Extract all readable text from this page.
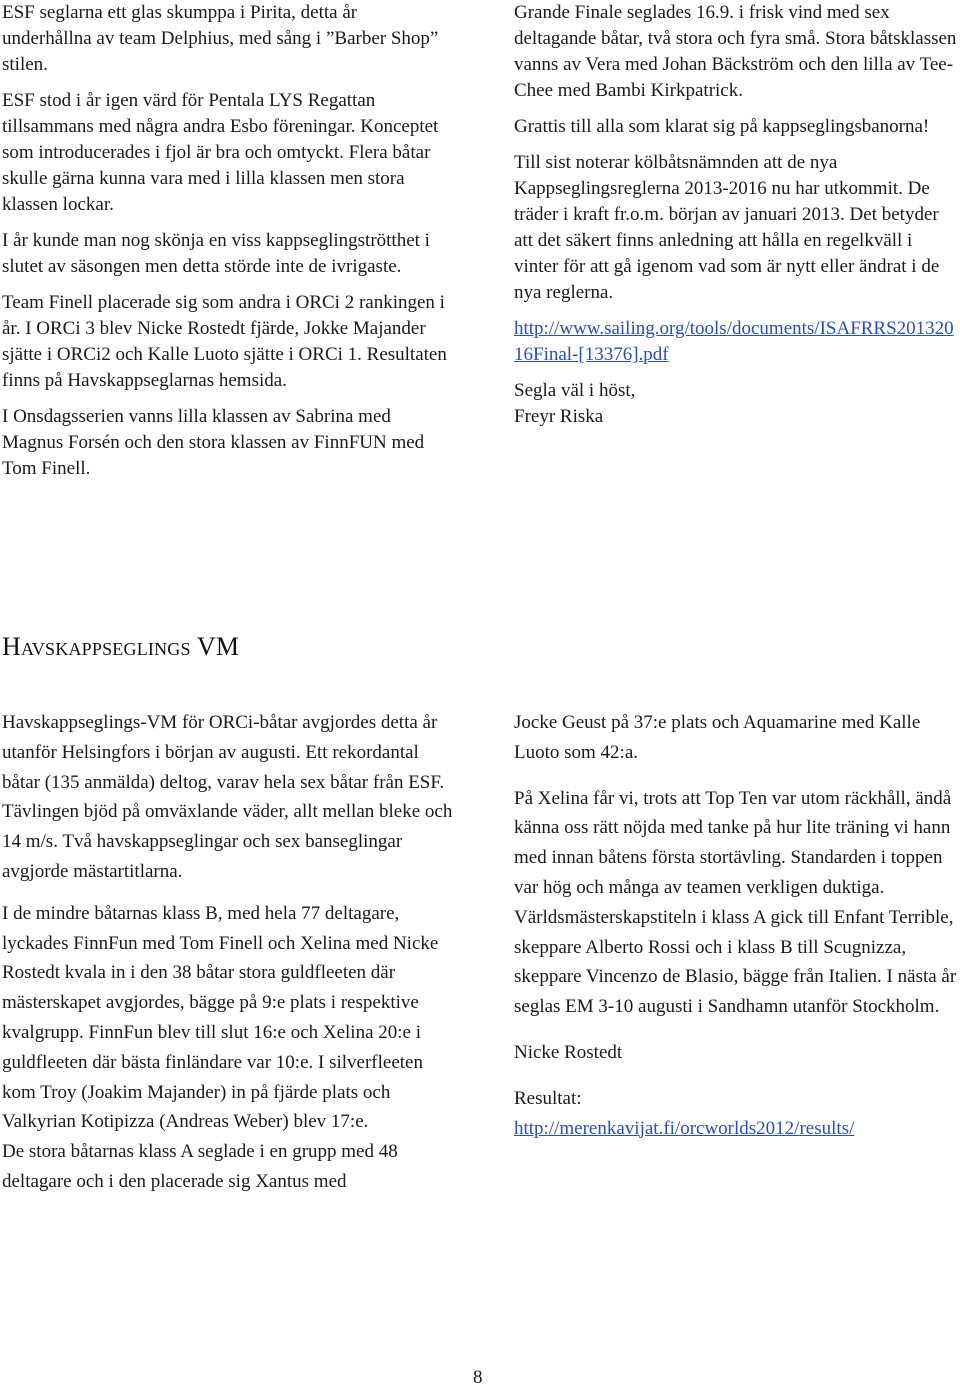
ESF seglarna ett glas skumppa i Pirita, detta år underhållna av team Delphius, med sång i ”Barber Shop” stilen.

ESF stod i år igen värd för Pentala LYS Regattan tillsammans med några andra Esbo föreningar. Konceptet som introducerades i fjol är bra och omtyckt. Flera båtar skulle gärna kunna vara med i lilla klassen men stora klassen lockar.

I år kunde man nog skönja en viss kappseglingströtthet i slutet av säsongen men detta störde inte de ivrigaste.

Team Finell placerade sig som andra i ORCi 2 rankingen i år. I ORCi 3 blev Nicke Rostedt fjärde, Jokke Majander sjätte i ORCi2 och Kalle Luoto sjätte i ORCi 1. Resultaten finns på Havskappseglarnas hemsida.

I Onsdagsserien vanns lilla klassen av Sabrina med Magnus Forsén och den stora klassen av FinnFUN med Tom Finell.

Grande Finale seglades 16.9. i frisk vind med sex deltagande båtar, två stora och fyra små. Stora båtsklassen vanns av Vera med Johan Bäckström och den lilla av Tee-Chee med Bambi Kirkpatrick.

Grattis till alla som klarat sig på kappseglingsbanorna!

Till sist noterar kölbåtsnämnden att de nya Kappseglingsreglerna 2013-2016 nu har utkommit. De träder i kraft fr.o.m. början av januari 2013. Det betyder att det säkert finns anledning att hålla en regelkväll i vinter för att gå igenom vad som är nytt eller ändrat i de nya reglerna.

http://www.sailing.org/tools/documents/ISAFRRS20132016Final-[13376].pdf

Segla väl i höst,
Freyr Riska

HAVSKAPPSEGLINGS VM

Havskappseglings-VM för ORCi-båtar avgjordes detta år utanför Helsingfors i början av augusti. Ett rekordantal båtar (135 anmälda) deltog, varav hela sex båtar från ESF. Tävlingen bjöd på omväxlande väder, allt mellan bleke och 14 m/s. Två havskappseglingar och sex banseglingar avgjorde mästartitlarna.

I de mindre båtarnas klass B, med hela 77 deltagare, lyckades FinnFun med Tom Finell och Xelina med Nicke Rostedt kvala in i den 38 båtar stora guldfleeten där mästerskapet avgjordes, bägge på 9:e plats i respektive kvalgrupp. FinnFun blev till slut 16:e och Xelina 20:e i guldfleeten där bästa finländare var 10:e. I silverfleeten kom Troy (Joakim Majander) in på fjärde plats och Valkyrian Kotipizza (Andreas Weber) blev 17:e.

De stora båtarnas klass A seglade i en grupp med 48 deltagare och i den placerade sig Xantus med

Jocke Geust på 37:e plats och Aquamarine med Kalle Luoto som 42:a.

På Xelina får vi, trots att Top Ten var utom räckhåll, ändå känna oss rätt nöjda med tanke på hur lite träning vi hann med innan båtens första stortävling. Standarden i toppen var hög och många av teamen verkligen duktiga. Världsmästerskapstiteln i klass A gick till Enfant Terrible, skeppare Alberto Rossi och i klass B till Scugnizza, skeppare Vincenzo de Blasio, bägge från Italien. I nästa år seglas EM 3-10 augusti i Sandhamn utanför Stockholm.

Nicke Rostedt

Resultat:
http://merenkavijat.fi/orcworlds2012/results/

8
